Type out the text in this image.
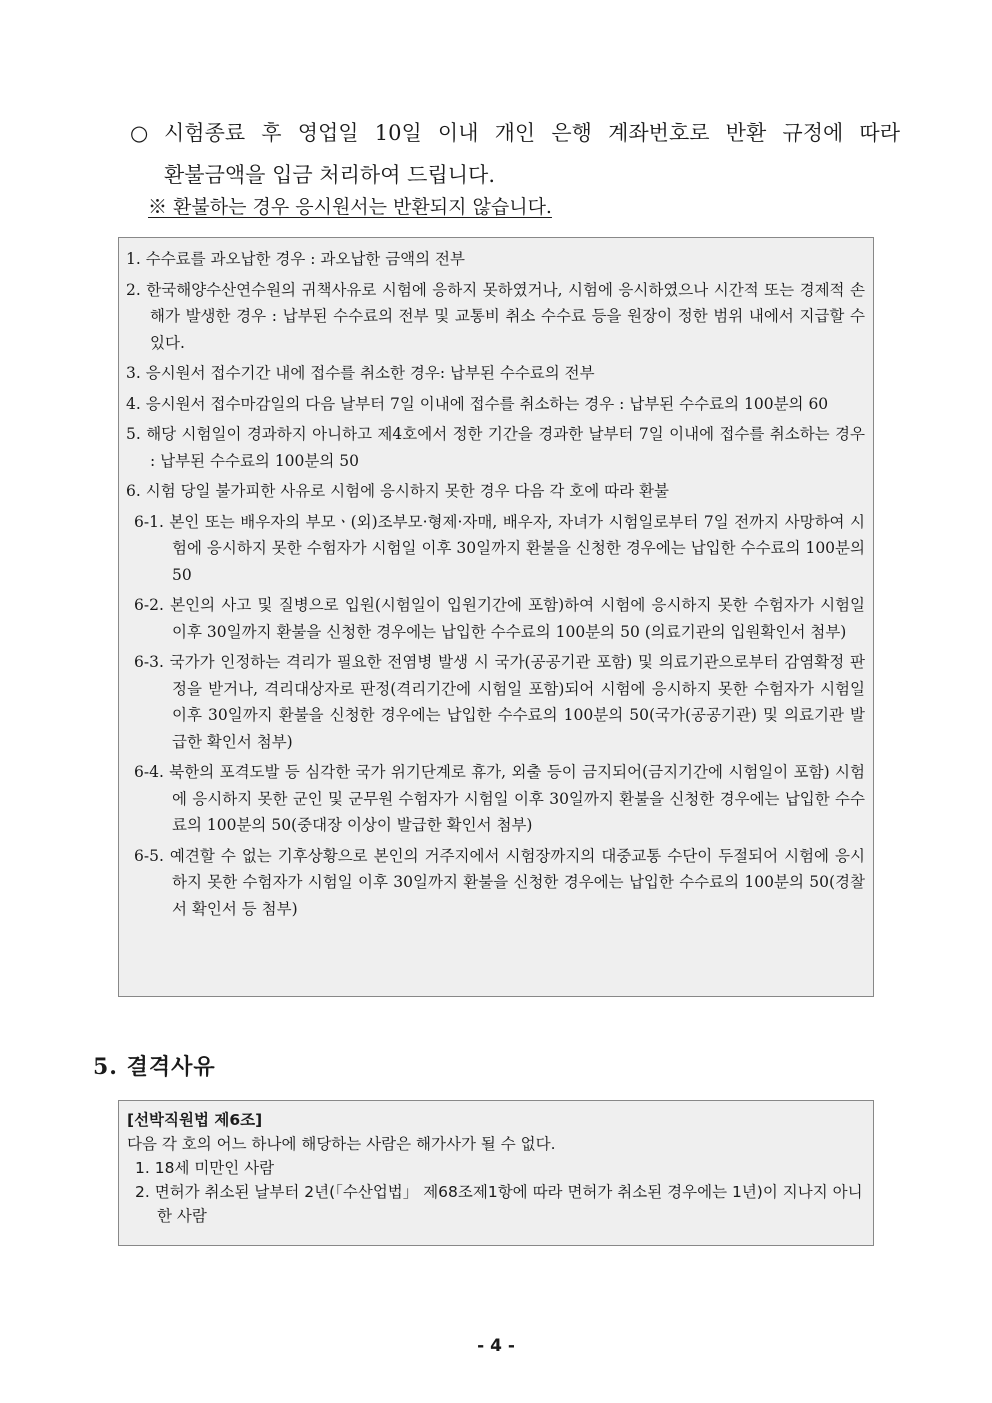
○ 시험종료 후 영업일 10일 이내 개인 은행 계좌번호로 반환 규정에 따라
환불금액을 입금 처리하여 드립니다.
※ 환불하는 경우 응시원서는 반환되지 않습니다.
1. 수수료를 과오납한 경우 : 과오납한 금액의 전부
2. 한국해양수산연수원의 귀책사유로 시험에 응하지 못하였거나, 시험에 응시하였으나 시간적 또는 경제적 손해가 발생한 경우 : 납부된 수수료의 전부 및 교통비 취소 수수료 등을 원장이 정한 범위 내에서 지급할 수 있다.
3. 응시원서 접수기간 내에 접수를 취소한 경우: 납부된 수수료의 전부
4. 응시원서 접수마감일의 다음 날부터 7일 이내에 접수를 취소하는 경우 : 납부된 수수료의 100분의 60
5. 해당 시험일이 경과하지 아니하고 제4호에서 정한 기간을 경과한 날부터 7일 이내에 접수를 취소하는 경우 : 납부된 수수료의 100분의 50
6. 시험 당일 불가피한 사유로 시험에 응시하지 못한 경우 다음 각 호에 따라 환불
6-1. 본인 또는 배우자의 부모ㆍ(외)조부모·형제·자매, 배우자, 자녀가 시험일로부터 7일 전까지 사망하여 시험에 응시하지 못한 수험자가 시험일 이후 30일까지 환불을 신청한 경우에는 납입한 수수료의 100분의 50
6-2. 본인의 사고 및 질병으로 입원(시험일이 입원기간에 포함)하여 시험에 응시하지 못한 수험자가 시험일 이후 30일까지 환불을 신청한 경우에는 납입한 수수료의 100분의 50 (의료기관의 입원확인서 첨부)
6-3. 국가가 인정하는 격리가 필요한 전염병 발생 시 국가(공공기관 포함) 및 의료기관으로부터 감염확정 판정을 받거나, 격리대상자로 판정(격리기간에 시험일 포함)되어 시험에 응시하지 못한 수험자가 시험일 이후 30일까지 환불을 신청한 경우에는 납입한 수수료의 100분의 50(국가(공공기관) 및 의료기관 발급한 확인서 첨부)
6-4. 북한의 포격도발 등 심각한 국가 위기단계로 휴가, 외출 등이 금지되어(금지기간에 시험일이 포함) 시험에 응시하지 못한 군인 및 군무원 수험자가 시험일 이후 30일까지 환불을 신청한 경우에는 납입한 수수료의 100분의 50(중대장 이상이 발급한 확인서 첨부)
6-5. 예견할 수 없는 기후상황으로 본인의 거주지에서 시험장까지의 대중교통 수단이 두절되어 시험에 응시하지 못한 수험자가 시험일 이후 30일까지 환불을 신청한 경우에는 납입한 수수료의 100분의 50(경찰서 확인서 등 첨부)
5. 결격사유
[선박직원법 제6조]
다음 각 호의 어느 하나에 해당하는 사람은 해가사가 될 수 없다.
1. 18세 미만인 사람
2. 면허가 취소된 날부터 2년(「수산업법」 제68조제1항에 따라 면허가 취소된 경우에는 1년)이 지나지 아니한 사람
- 4 -
